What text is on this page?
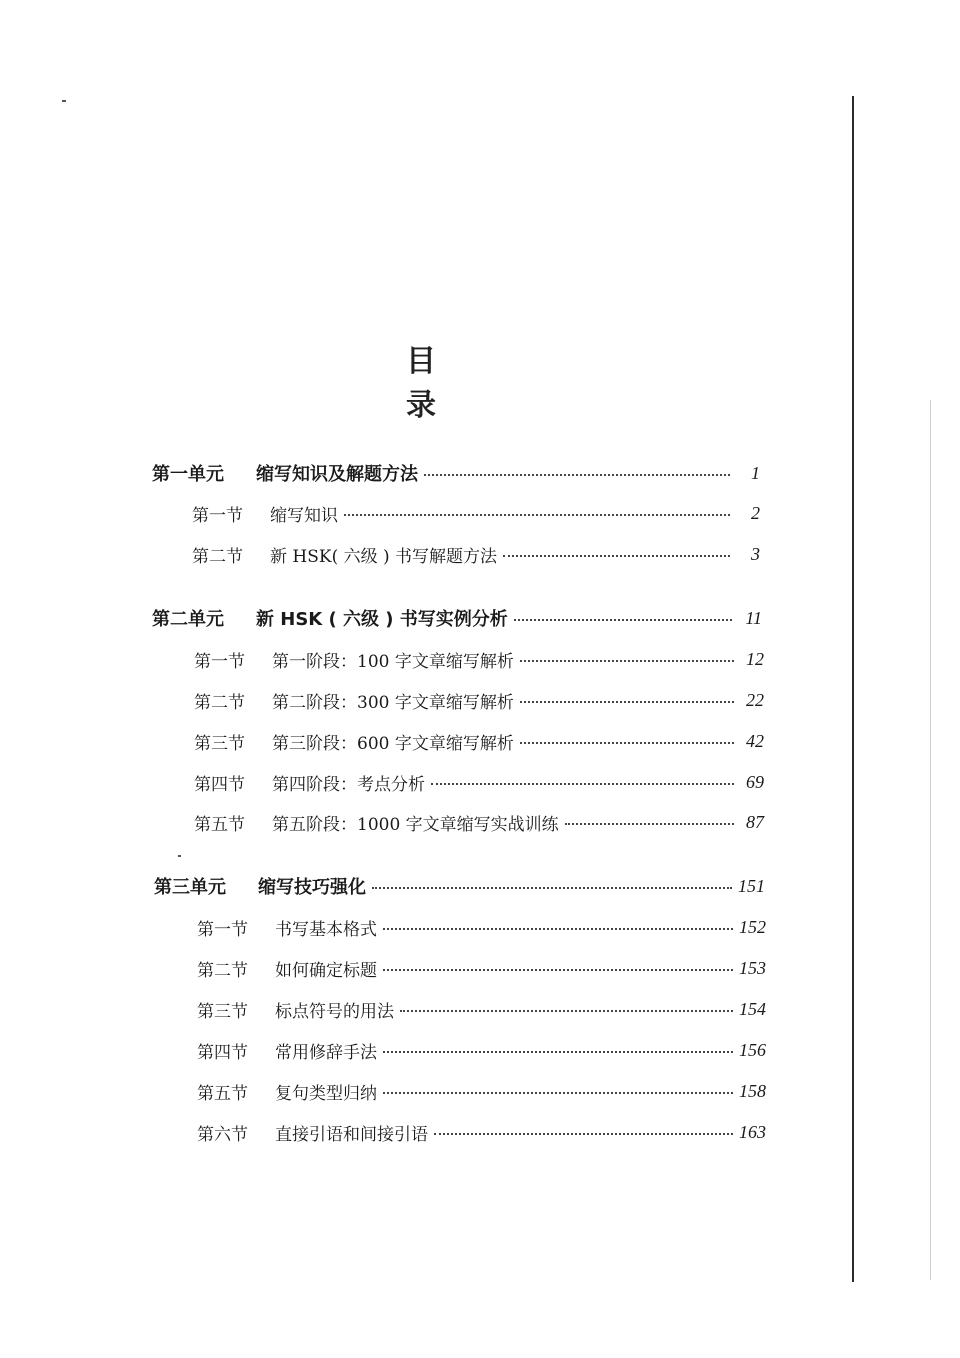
目 录
第一单元	缩写知识及解题方法	1
第一节	缩写知识	2
第二节	新 HSK( 六级 ) 书写解题方法	3
第二单元	新 HSK ( 六级 ) 书写实例分析	11
第一节	第一阶段：100 字文章缩写解析	12
第二节	第二阶段：300 字文章缩写解析	22
第三节	第三阶段：600 字文章缩写解析	42
第四节	第四阶段：考点分析	69
第五节	第五阶段：1000 字文章缩写实战训练	87
第三单元	缩写技巧强化	151
第一节	书写基本格式	152
第二节	如何确定标题	153
第三节	标点符号的用法	154
第四节	常用修辞手法	156
第五节	复句类型归纳	158
第六节	直接引语和间接引语	163
